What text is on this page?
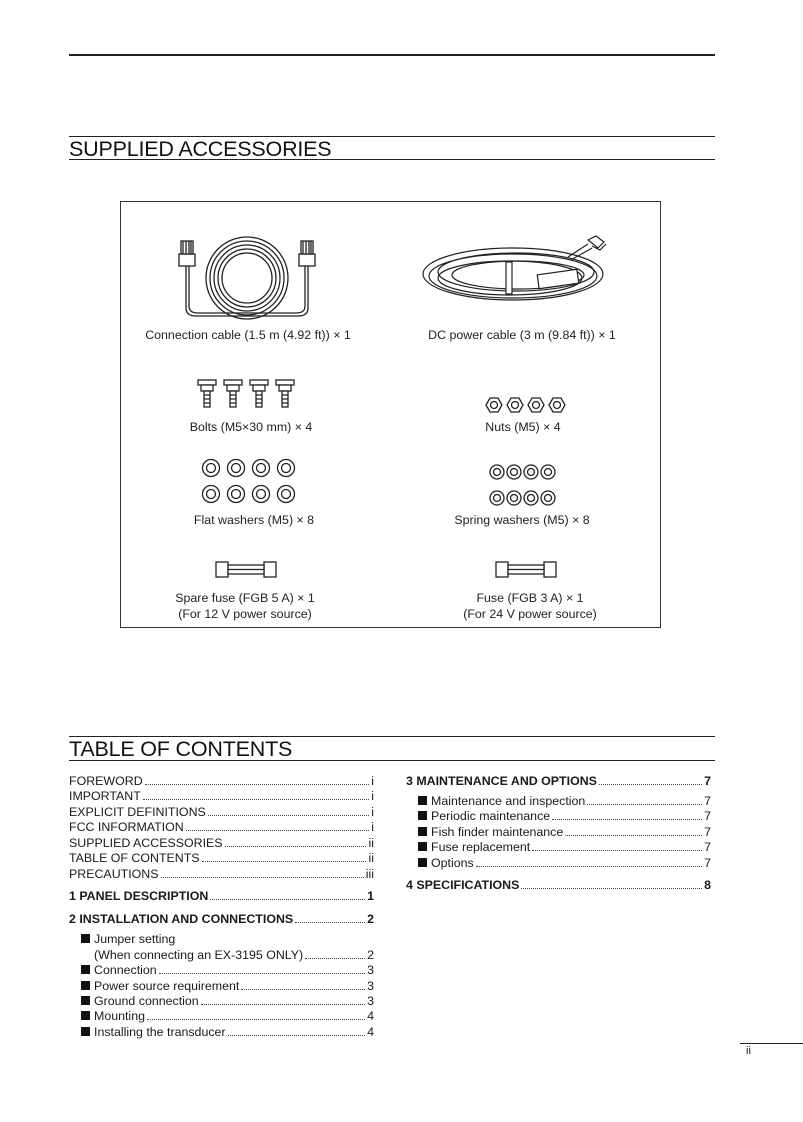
SUPPLIED ACCESSORIES
TABLE OF CONTENTS
Connection cable (1.5 m (4.92 ft)) × 1	DC power cable (3 m (9.84 ft)) × 1
Bolts (M5×30 mm) × 4	Nuts (M5) × 4
Flat washers (M5) × 8	Spring washers (M5) × 8
Spare fuse (FGB 5 A) × 1
(For 12 V power source)
Fuse (FGB 3 A) × 1
(For 24 V power source)
FOREWORD	i
IMPORTANT	i
EXPLICIT DEFINITIONS	i
FCC INFORMATION	i
SUPPLIED ACCESSORIES	ii
TABLE OF CONTENTS	ii
PRECAUTIONS	iii
1 PANEL DESCRIPTION	1
2 INSTALLATION AND CONNECTIONS	2
Jumper setting
(When connecting an EX-3195 ONLY)	2
Connection	3
Power source requirement	3
Ground connection	3
Mounting	4
Installing the transducer	4
3 MAINTENANCE AND OPTIONS	7
Maintenance and inspection	7
Periodic maintenance	7
Fish finder maintenance	7
Fuse replacement	7
Options	7
4 SPECIFICATIONS	8
ii
